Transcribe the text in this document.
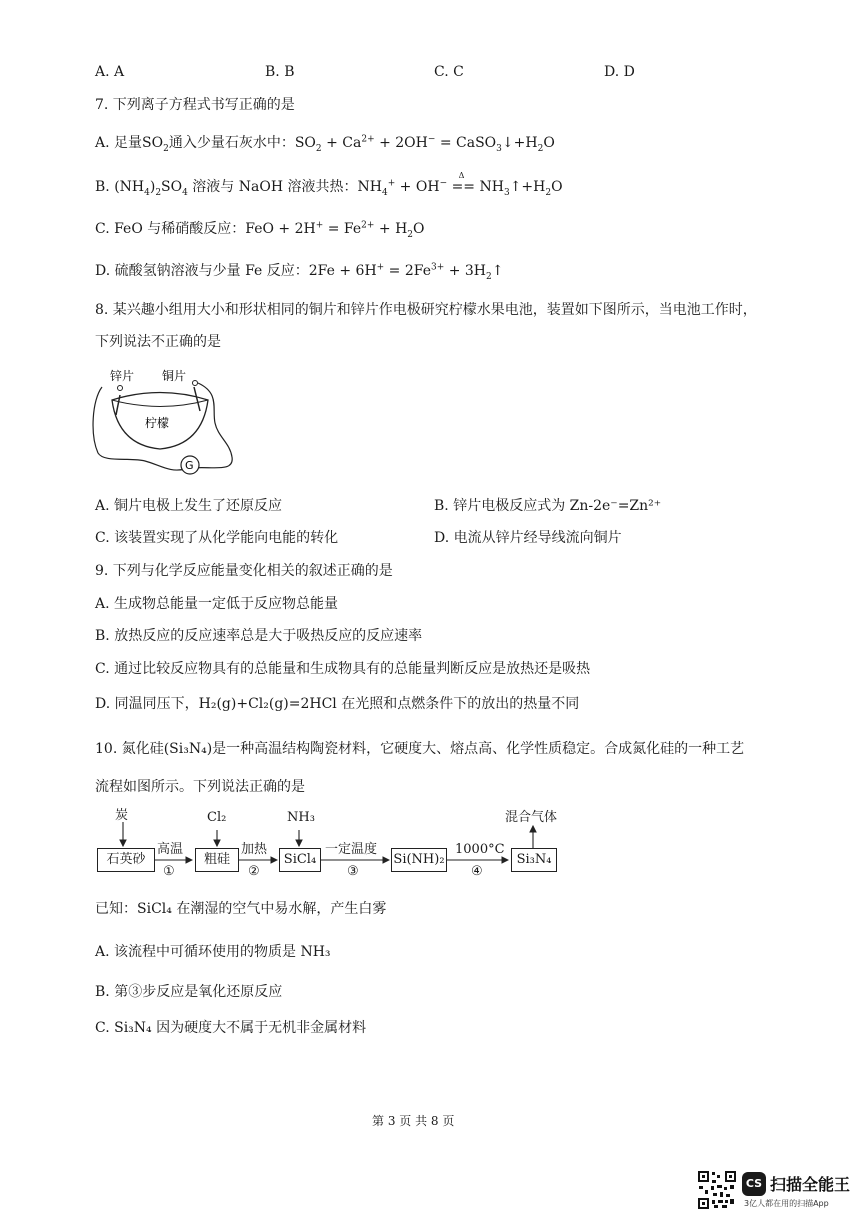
A. A	B. B	C. C	D. D
7. 下列离子方程式书写正确的是
A. 足量$SO_2$通入少量石灰水中：$SO_2 + Ca^{2+} + 2OH^-$ = $CaSO_3↓+H_2O$
B. $(NH_4)_2SO_4$ 溶液与 NaOH 溶液共热：$NH_4^+ + OH^-$
Δ
== $NH_3↑+H_2O$
C. FeO 与稀硝酸反应：FeO + $2H^+ = Fe^{2+} + H_2O$
D. 硫酸氢钠溶液与少量 Fe 反应：$2Fe + 6H^+ = 2Fe^{3+}$ + $3H_2↑$
8. 某兴趣小组用大小和形状相同的铜片和锌片作电极研究柠檬水果电池，装置如下图所示，当电池工作时，
下列说法不正确的是
锌片 铜片
柠檬
G
A. 铜片电极上发生了还原反应	B. 锌片电极反应式为 Zn-2e⁻=Zn²⁺
C. 该装置实现了从化学能向电能的转化	D. 电流从锌片经导线流向铜片
9. 下列与化学反应能量变化相关的叙述正确的是
A. 生成物总能量一定低于反应物总能量
B. 放热反应的反应速率总是大于吸热反应的反应速率
C. 通过比较反应物具有的总能量和生成物具有的总能量判断反应是放热还是吸热
D. 同温同压下，H₂(g)+Cl₂(g)=2HCl 在光照和点燃条件下的放出的热量不同
10. 氮化硅(Si₃N₄)是一种高温结构陶瓷材料，它硬度大、熔点高、化学性质稳定。合成氮化硅的一种工艺
流程如图所示。下列说法正确的是
炭	Cl₂	NH₃	混合气体
石英砂	粗硅	SiCl₄	Si(NH)₂	Si₃N₄
高温
①
加热
②
一定温度
③
1000°C
④
已知：SiCl₄ 在潮湿的空气中易水解，产生白雾
A. 该流程中可循环使用的物质是 NH₃
B. 第③步反应是氧化还原反应
C. Si₃N₄ 因为硬度大不属于无机非金属材料
第 3 页 共 8 页
CS 扫描全能王
3亿人都在用的扫描App
